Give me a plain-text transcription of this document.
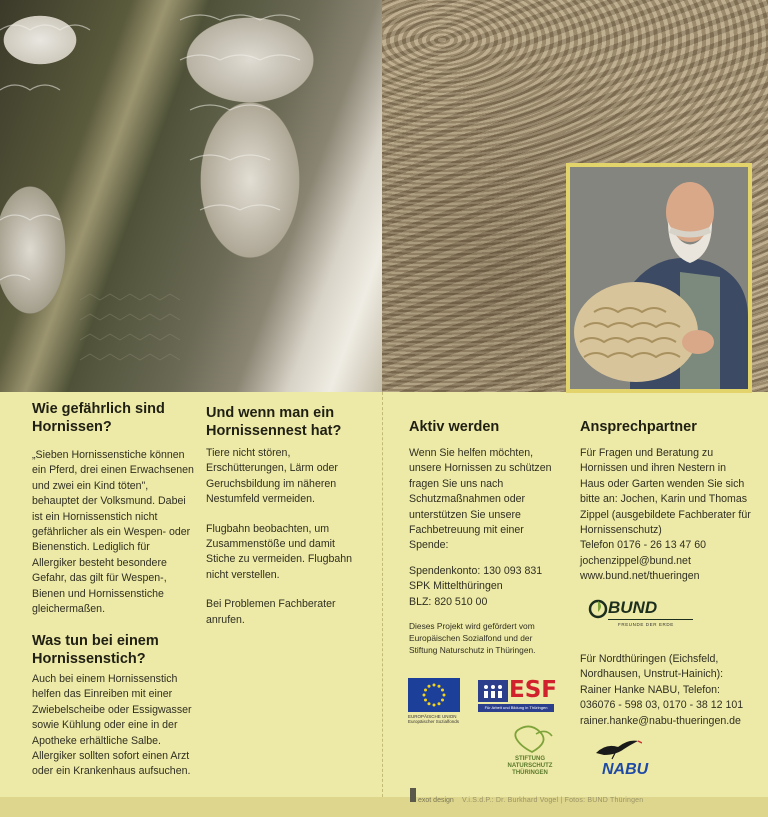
Wie gefährlich sind Hornissen?

„Sieben Hornissenstiche können ein Pferd, drei einen Erwachsenen und zwei ein Kind töten", behauptet der Volksmund. Dabei ist ein Hornissenstich nicht gefährlicher als ein Wespen- oder Bienenstich. Lediglich für Allergiker besteht besondere Gefahr, das gilt für Wespen-, Bienen und Hornissenstiche gleichermaßen.

Was tun bei einem Hornissenstich?

Auch bei einem Hornissenstich helfen das Einreiben mit einer Zwiebelscheibe oder Essigwasser sowie Kühlung oder eine in der Apotheke erhältliche Salbe. Allergiker sollten sofort einen Arzt oder ein Krankenhaus aufsuchen.

Und wenn man ein Hornissennest hat?

Tiere nicht stören, Erschütterungen, Lärm oder Geruchsbildung im näheren Nestumfeld vermeiden.

Flugbahn beobachten, um Zusammenstöße und damit Stiche zu vermeiden. Flugbahn nicht verstellen.

Bei Problemen Fachberater anrufen.

Aktiv werden

Wenn Sie helfen möchten, unsere Hornissen zu schützen fragen Sie uns nach Schutzmaßnahmen oder unterstützen Sie unsere Fachbetreuung mit einer Spende:

Spendenkonto: 130 093 831

SPK Mittelthüringen

BLZ: 820 510 00

Dieses Projekt wird gefördert vom Europäischen Sozialfond und der Stiftung Naturschutz in Thüringen.

EUROPÄISCHE UNION Europäischer Sozialfonds
ESF
Für Arbeit und Bildung in Thüringen
STIFTUNG NATURSCHUTZ THÜRINGEN
Ansprechpartner

Für Fragen und Beratung zu Hornissen und ihren Nestern in Haus oder Garten wenden Sie sich bitte an: Jochen, Karin und Thomas Zippel (ausgebildete Fachberater für Hornissenschutz)

Telefon 0176 - 26 13 47 60

jochenzippel@bund.net

www.bund.net/thueringen

BUND
FREUNDE DER ERDE

Für Nordthüringen (Eichsfeld, Nordhausen, Unstrut-Hainich): Rainer Hanke NABU, Telefon:

036076 - 598 03, 0170 - 38 12 101

rainer.hanke@nabu-thueringen.de

NABU
exot design V.i.S.d.P.: Dr. Burkhard Vogel | Fotos: BUND Thüringen
